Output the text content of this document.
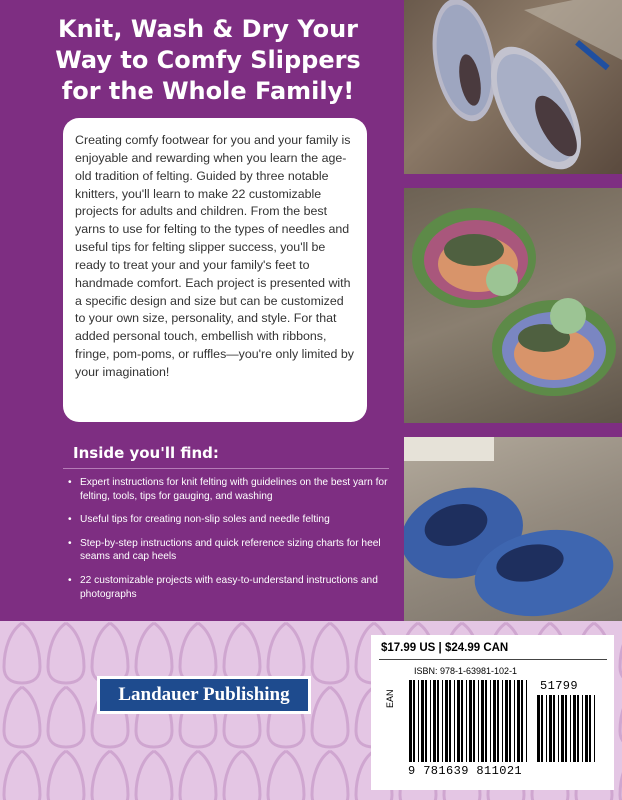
Knit, Wash & Dry Your
Way to Comfy Slippers
for the Whole Family!

Creating comfy footwear for you and your family is enjoyable and rewarding when you learn the age-old tradition of felting. Guided by three notable knitters, you'll learn to make 22 customizable projects for adults and children. From the best yarns to use for felting to the types of needles and useful tips for felting slipper success, you'll be ready to treat your and your family's feet to handmade comfort. Each project is presented with a specific design and size but can be customized to your own size, personality, and style. For that added personal touch, embellish with ribbons, fringe, pom-poms, or ruffles—you're only limited by your imagination!

Inside you'll find:
• Expert instructions for knit felting with guidelines on the best yarn for felting, tools, tips for gauging, and washing
• Useful tips for creating non-slip soles and needle felting
• Step-by-step instructions and quick reference sizing charts for heel seams and cap heels
• 22 customizable projects with easy-to-understand instructions and photographs
Landauer Publishing
$17.99 US | $24.99 CAN
ISBN: 978-1-63981-102-1
EAN
51799
9 781639 811021
